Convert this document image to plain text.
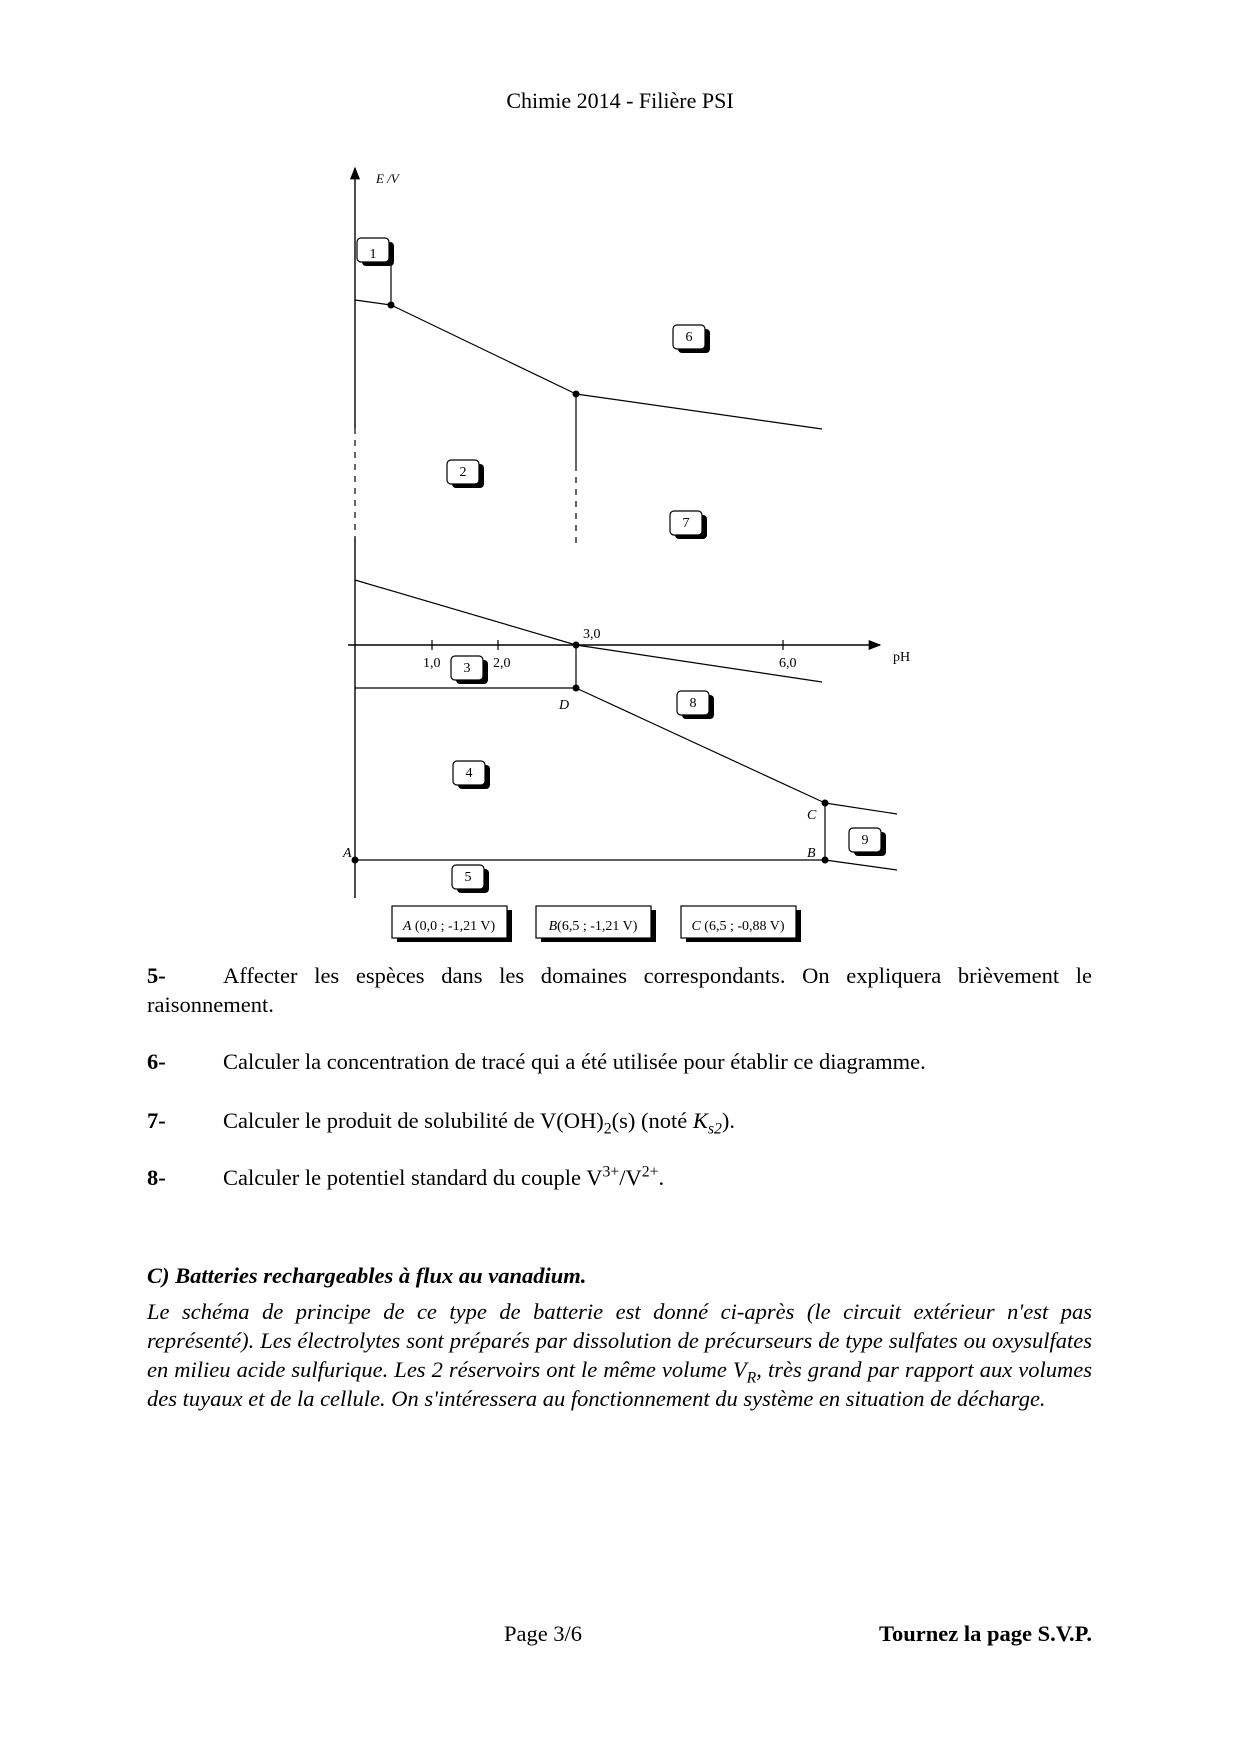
Chimie 2014 - Filière PSI
E /V
pH
1,0	2,0
3,0
6,0
D
C
B
A
1
2
3
4
5
6
7
8
9
A (0,0 ; -1,21 V)	B(6,5 ; -1,21 V)	C (6,5 ; -0,88 V)
5-	Affecter les espèces dans les domaines correspondants. On expliquera brièvement le raisonnement.
6-	Calculer la concentration de tracé qui a été utilisée pour établir ce diagramme.
7-	Calculer le produit de solubilité de $V(OH)_2(s)$ (noté $K_{s2}$).
8-	Calculer le potentiel standard du couple $V^{3+}/V^{2+}$.
C) Batteries rechargeables à flux au vanadium.
Le schéma de principe de ce type de batterie est donné ci-après (le circuit extérieur n'est pas représenté). Les électrolytes sont préparés par dissolution de précurseurs de type sulfates ou oxysulfates en milieu acide sulfurique. Les 2 réservoirs ont le même volume $V_R$, très grand par rapport aux volumes des tuyaux et de la cellule. On s'intéressera au fonctionnement du système en situation de décharge.
Page 3/6	Tournez la page S.V.P.
